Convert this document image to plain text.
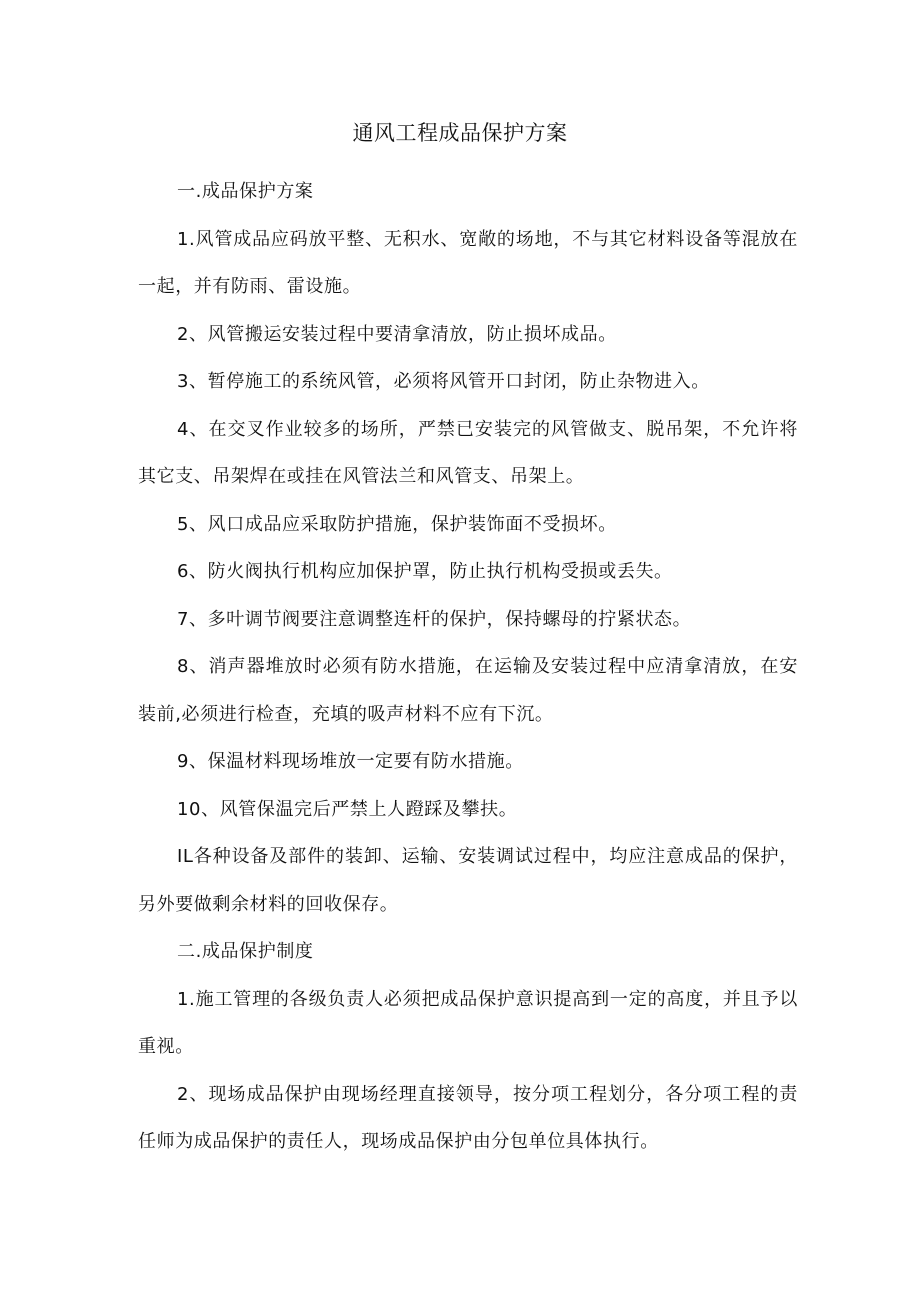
通风工程成品保护方案

一.成品保护方案

1.风管成品应码放平整、无积水、宽敞的场地，不与其它材料设备等混放在一起，并有防雨、雷设施。

2、风管搬运安装过程中要清拿清放，防止损坏成品。

3、暂停施工的系统风管，必须将风管开口封闭，防止杂物进入。

4、在交叉作业较多的场所，严禁已安装完的风管做支、脱吊架，不允许将其它支、吊架焊在或挂在风管法兰和风管支、吊架上。

5、风口成品应采取防护措施，保护装饰面不受损坏。

6、防火阀执行机构应加保护罩，防止执行机构受损或丢失。

7、多叶调节阀要注意调整连杆的保护，保持螺母的拧紧状态。

8、消声器堆放时必须有防水措施，在运输及安装过程中应清拿清放，在安装前,必须进行检查，充填的吸声材料不应有下沉。

9、保温材料现场堆放一定要有防水措施。

10、风管保温完后严禁上人蹬踩及攀扶。

IL各种设备及部件的装卸、运输、安装调试过程中，均应注意成品的保护，另外要做剩余材料的回收保存。

二.成品保护制度

1.施工管理的各级负责人必须把成品保护意识提高到一定的高度，并且予以重视。

2、现场成品保护由现场经理直接领导，按分项工程划分，各分项工程的责任师为成品保护的责任人，现场成品保护由分包单位具体执行。
